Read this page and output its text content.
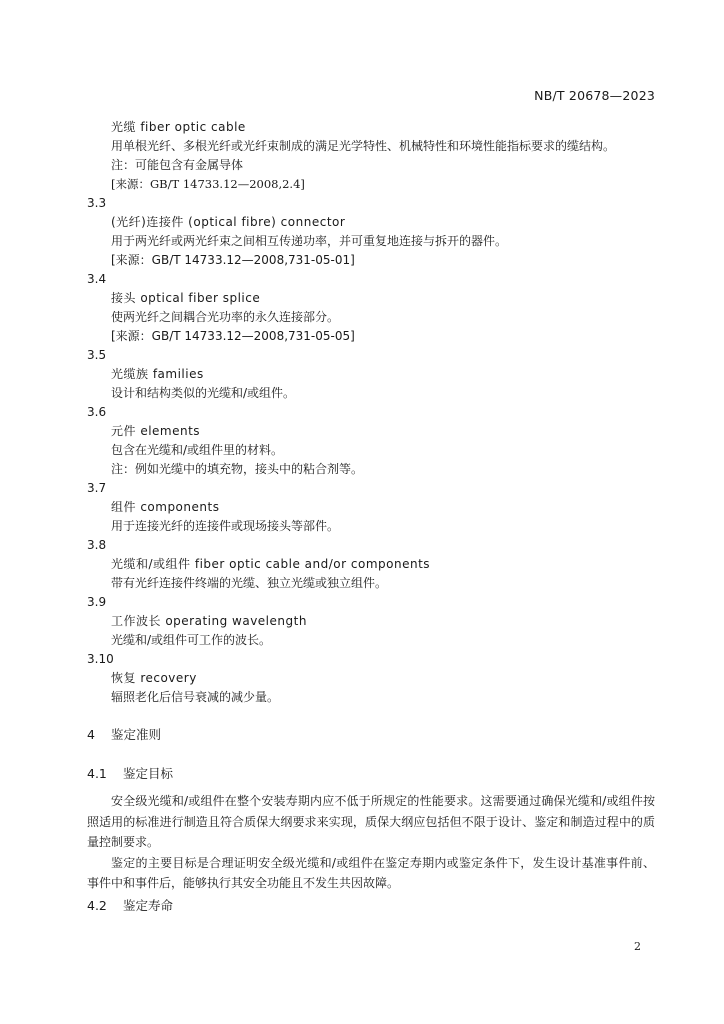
NB/T 20678—2023
光缆 fiber optic cable
用单根光纤、多根光纤或光纤束制成的满足光学特性、机械特性和环境性能指标要求的缆结构。
注：可能包含有金属导体
[来源：GB/T 14733.12—2008,2.4]
3.3
(光纤)连接件 (optical fibre) connector
用于两光纤或两光纤束之间相互传递功率，并可重复地连接与拆开的器件。
[来源：GB/T 14733.12—2008,731-05-01]
3.4
接头 optical fiber splice
使两光纤之间耦合光功率的永久连接部分。
[来源：GB/T 14733.12—2008,731-05-05]
3.5
光缆族 families
设计和结构类似的光缆和/或组件。
3.6
元件 elements
包含在光缆和/或组件里的材料。
注：例如光缆中的填充物，接头中的粘合剂等。
3.7
组件 components
用于连接光纤的连接件或现场接头等部件。
3.8
光缆和/或组件 fiber optic cable and/or components
带有光纤连接件终端的光缆、独立光缆或独立组件。
3.9
工作波长 operating wavelength
光缆和/或组件可工作的波长。
3.10
恢复 recovery
辐照老化后信号衰减的减少量。
4 鉴定准则
4.1 鉴定目标

安全级光缆和/或组件在整个安装寿期内应不低于所规定的性能要求。这需要通过确保光缆和/或组件按照适用的标准进行制造且符合质保大纲要求来实现，质保大纲应包括但不限于设计、鉴定和制造过程中的质量控制要求。

鉴定的主要目标是合理证明安全级光缆和/或组件在鉴定寿期内或鉴定条件下，发生设计基准事件前、事件中和事件后，能够执行其安全功能且不发生共因故障。

4.2 鉴定寿命
2
